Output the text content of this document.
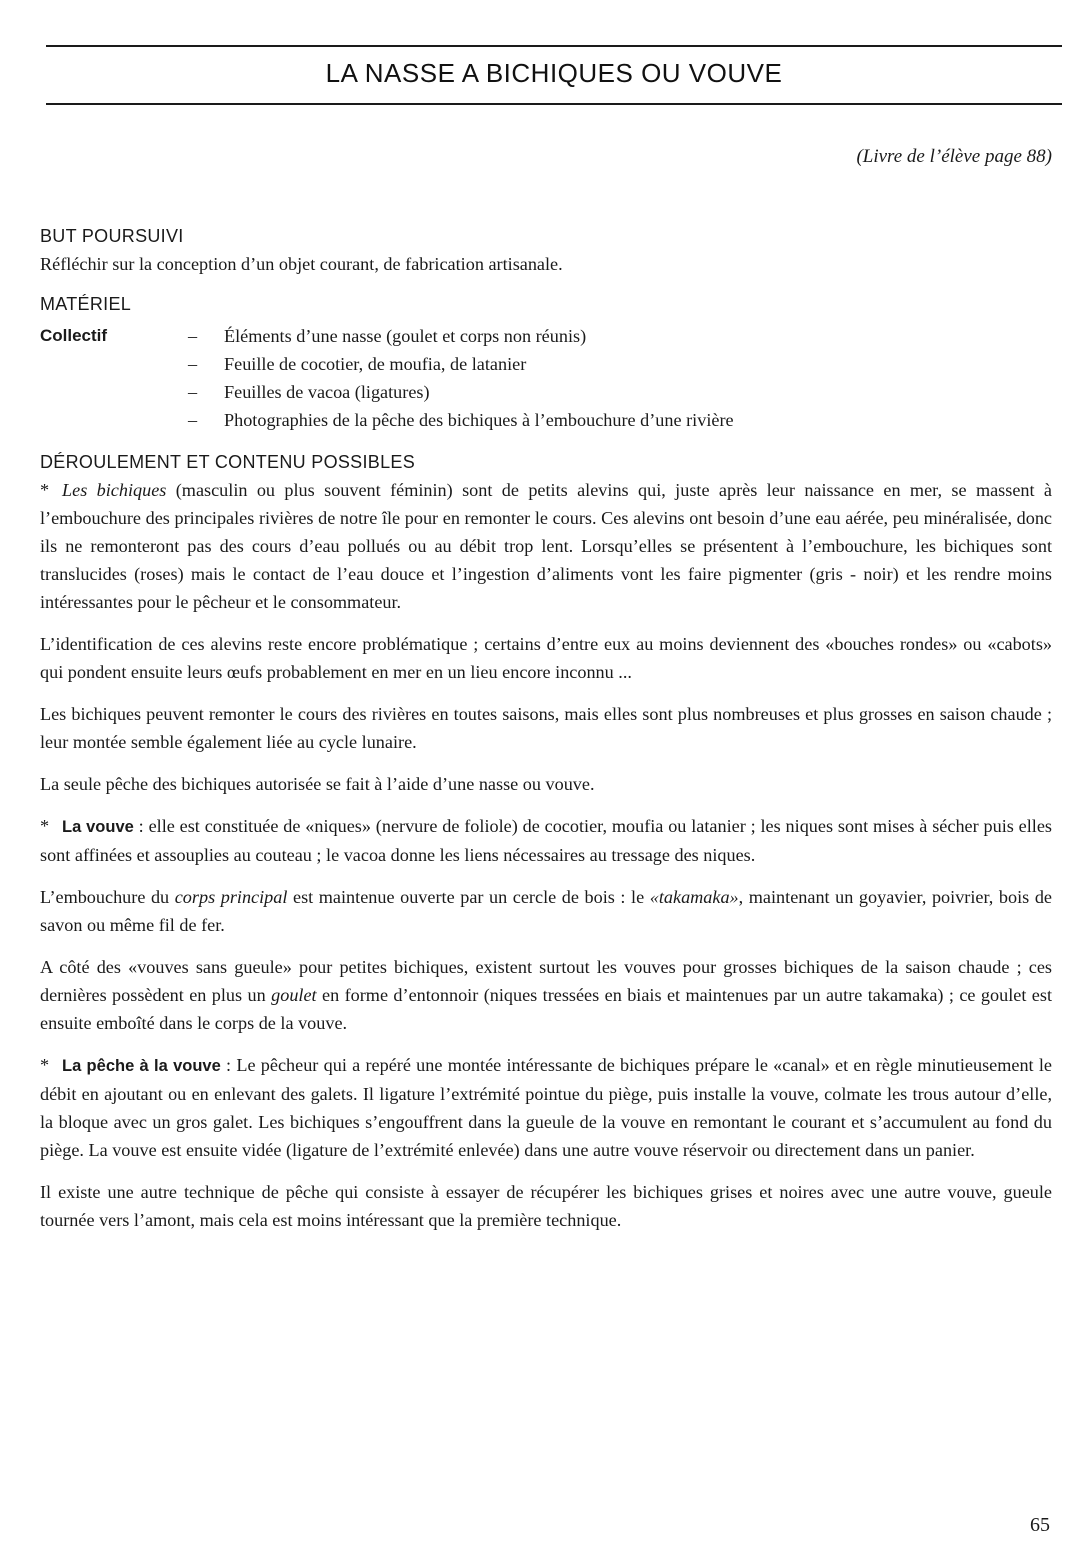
LA NASSE A BICHIQUES OU VOUVE
(Livre de l’élève page 88)
BUT POURSUIVI

Réfléchir sur la conception d’un objet courant, de fabrication artisanale.

MATÉRIEL
Collectif	–	Éléments d’une nasse (goulet et corps non réunis)
–	Feuille de cocotier, de moufia, de latanier
–	Feuilles de vacoa (ligatures)
–	Photographies de la pêche des bichiques à l’embouchure d’une rivière
DÉROULEMENT ET CONTENU POSSIBLES

* Les bichiques (masculin ou plus souvent féminin) sont de petits alevins qui, juste après leur naissance en mer, se massent à l’embouchure des principales rivières de notre île pour en remonter le cours. Ces alevins ont besoin d’une eau aérée, peu minéralisée, donc ils ne remonteront pas des cours d’eau pollués ou au débit trop lent. Lorsqu’elles se présentent à l’embouchure, les bichiques sont translucides (roses) mais le contact de l’eau douce et l’ingestion d’aliments vont les faire pigmenter (gris - noir) et les rendre moins intéressantes pour le pêcheur et le consommateur.

L’identification de ces alevins reste encore problématique ; certains d’entre eux au moins deviennent des «bouches rondes» ou «cabots» qui pondent ensuite leurs œufs probablement en mer en un lieu encore inconnu ...

Les bichiques peuvent remonter le cours des rivières en toutes saisons, mais elles sont plus nombreuses et plus grosses en saison chaude ; leur montée semble également liée au cycle lunaire.

La seule pêche des bichiques autorisée se fait à l’aide d’une nasse ou vouve.

* La vouve : elle est constituée de «niques» (nervure de foliole) de cocotier, moufia ou latanier ; les niques sont mises à sécher puis elles sont affinées et assouplies au couteau ; le vacoa donne les liens nécessaires au tressage des niques.

L’embouchure du corps principal est maintenue ouverte par un cercle de bois : le «takamaka», maintenant un goyavier, poivrier, bois de savon ou même fil de fer.

A côté des «vouves sans gueule» pour petites bichiques, existent surtout les vouves pour grosses bichiques de la saison chaude ; ces dernières possèdent en plus un goulet en forme d’entonnoir (niques tressées en biais et maintenues par un autre takamaka) ; ce goulet est ensuite emboîté dans le corps de la vouve.

* La pêche à la vouve : Le pêcheur qui a repéré une montée intéressante de bichiques prépare le «canal» et en règle minutieusement le débit en ajoutant ou en enlevant des galets. Il ligature l’extrémité pointue du piège, puis installe la vouve, colmate les trous autour d’elle, la bloque avec un gros galet. Les bichiques s’engouffrent dans la gueule de la vouve en remontant le courant et s’accumulent au fond du piège. La vouve est ensuite vidée (ligature de l’extrémité enlevée) dans une autre vouve réservoir ou directement dans un panier.

Il existe une autre technique de pêche qui consiste à essayer de récupérer les bichiques grises et noires avec une autre vouve, gueule tournée vers l’amont, mais cela est moins intéressant que la première technique.

65
